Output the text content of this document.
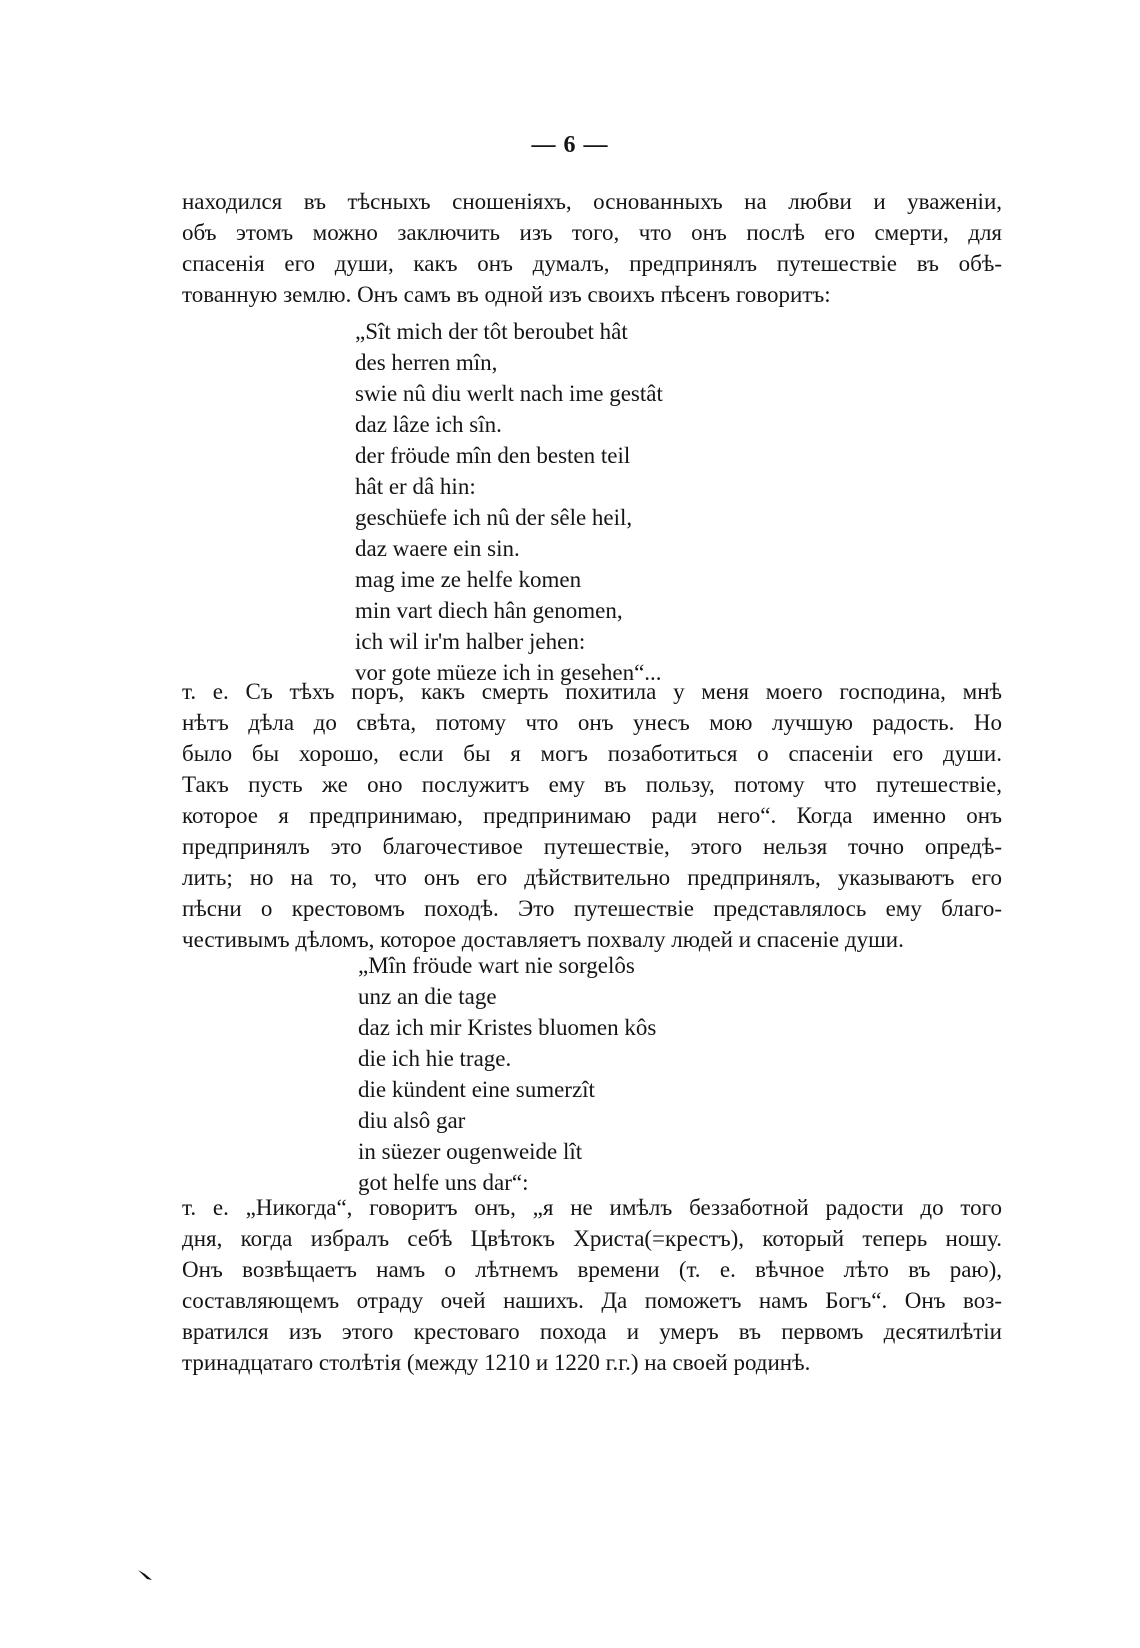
— 6 —
находился въ тѣсныхъ сношеніяхъ, основанныхъ на любви и уваженіи,
объ этомъ можно заключить изъ того, что онъ послѣ его смерти, для
спасенія его души, какъ онъ думалъ, предпринялъ путешествіе въ обѣ-
тованную землю. Онъ самъ въ одной изъ своихъ пѣсенъ говоритъ:
„Sît mich der tôt beroubet hât
des herren mîn,
swie nû diu werlt nach ime gestât
daz lâze ich sîn.
der fröude mîn den besten teil
hât er dâ hin:
geschüefe ich nû der sêle heil,
daz waere ein sin.
mag ime ze helfe komen
min vart diech hân genomen,
ich wil ir'm halber jehen:
vor gote müeze ich in gesehen“...
т. е. Съ тѣхъ поръ, какъ смерть похитила у меня моего господина, мнѣ
нѣтъ дѣла до свѣта, потому что онъ унесъ мою лучшую радость. Но
было бы хорошо, если бы я могъ позаботиться о спасеніи его души.
Такъ пусть же оно послужитъ ему въ пользу, потому что путешествіе,
которое я предпринимаю, предпринимаю ради него“. Когда именно онъ
предпринялъ это благочестивое путешествіе, этого нельзя точно опредѣ-
лить; но на то, что онъ его дѣйствительно предпринялъ, указываютъ его
пѣсни о крестовомъ походѣ. Это путешествіе представлялось ему благо-
честивымъ дѣломъ, которое доставляетъ похвалу людей и спасеніе души.
„Mîn fröude wart nie sorgelôs
unz an die tage
daz ich mir Kristes bluomen kôs
die ich hie trage.
die kündent eine sumerzît
diu alsô gar
in süezer ougenweide lît
got helfe uns dar“:
т. е. „Никогда“, говоритъ онъ, „я не имѣлъ беззаботной радости до того
дня, когда избралъ себѣ Цвѣтокъ Христа(=крестъ), который теперь ношу.
Онъ возвѣщаетъ намъ о лѣтнемъ времени (т. е. вѣчное лѣто въ раю),
составляющемъ отраду очей нашихъ. Да поможетъ намъ Богъ“. Онъ воз-
вратился изъ этого крестоваго похода и умеръ въ первомъ десятилѣтіи
тринадцатаго столѣтія (между 1210 и 1220 г.г.) на своей родинѣ.
